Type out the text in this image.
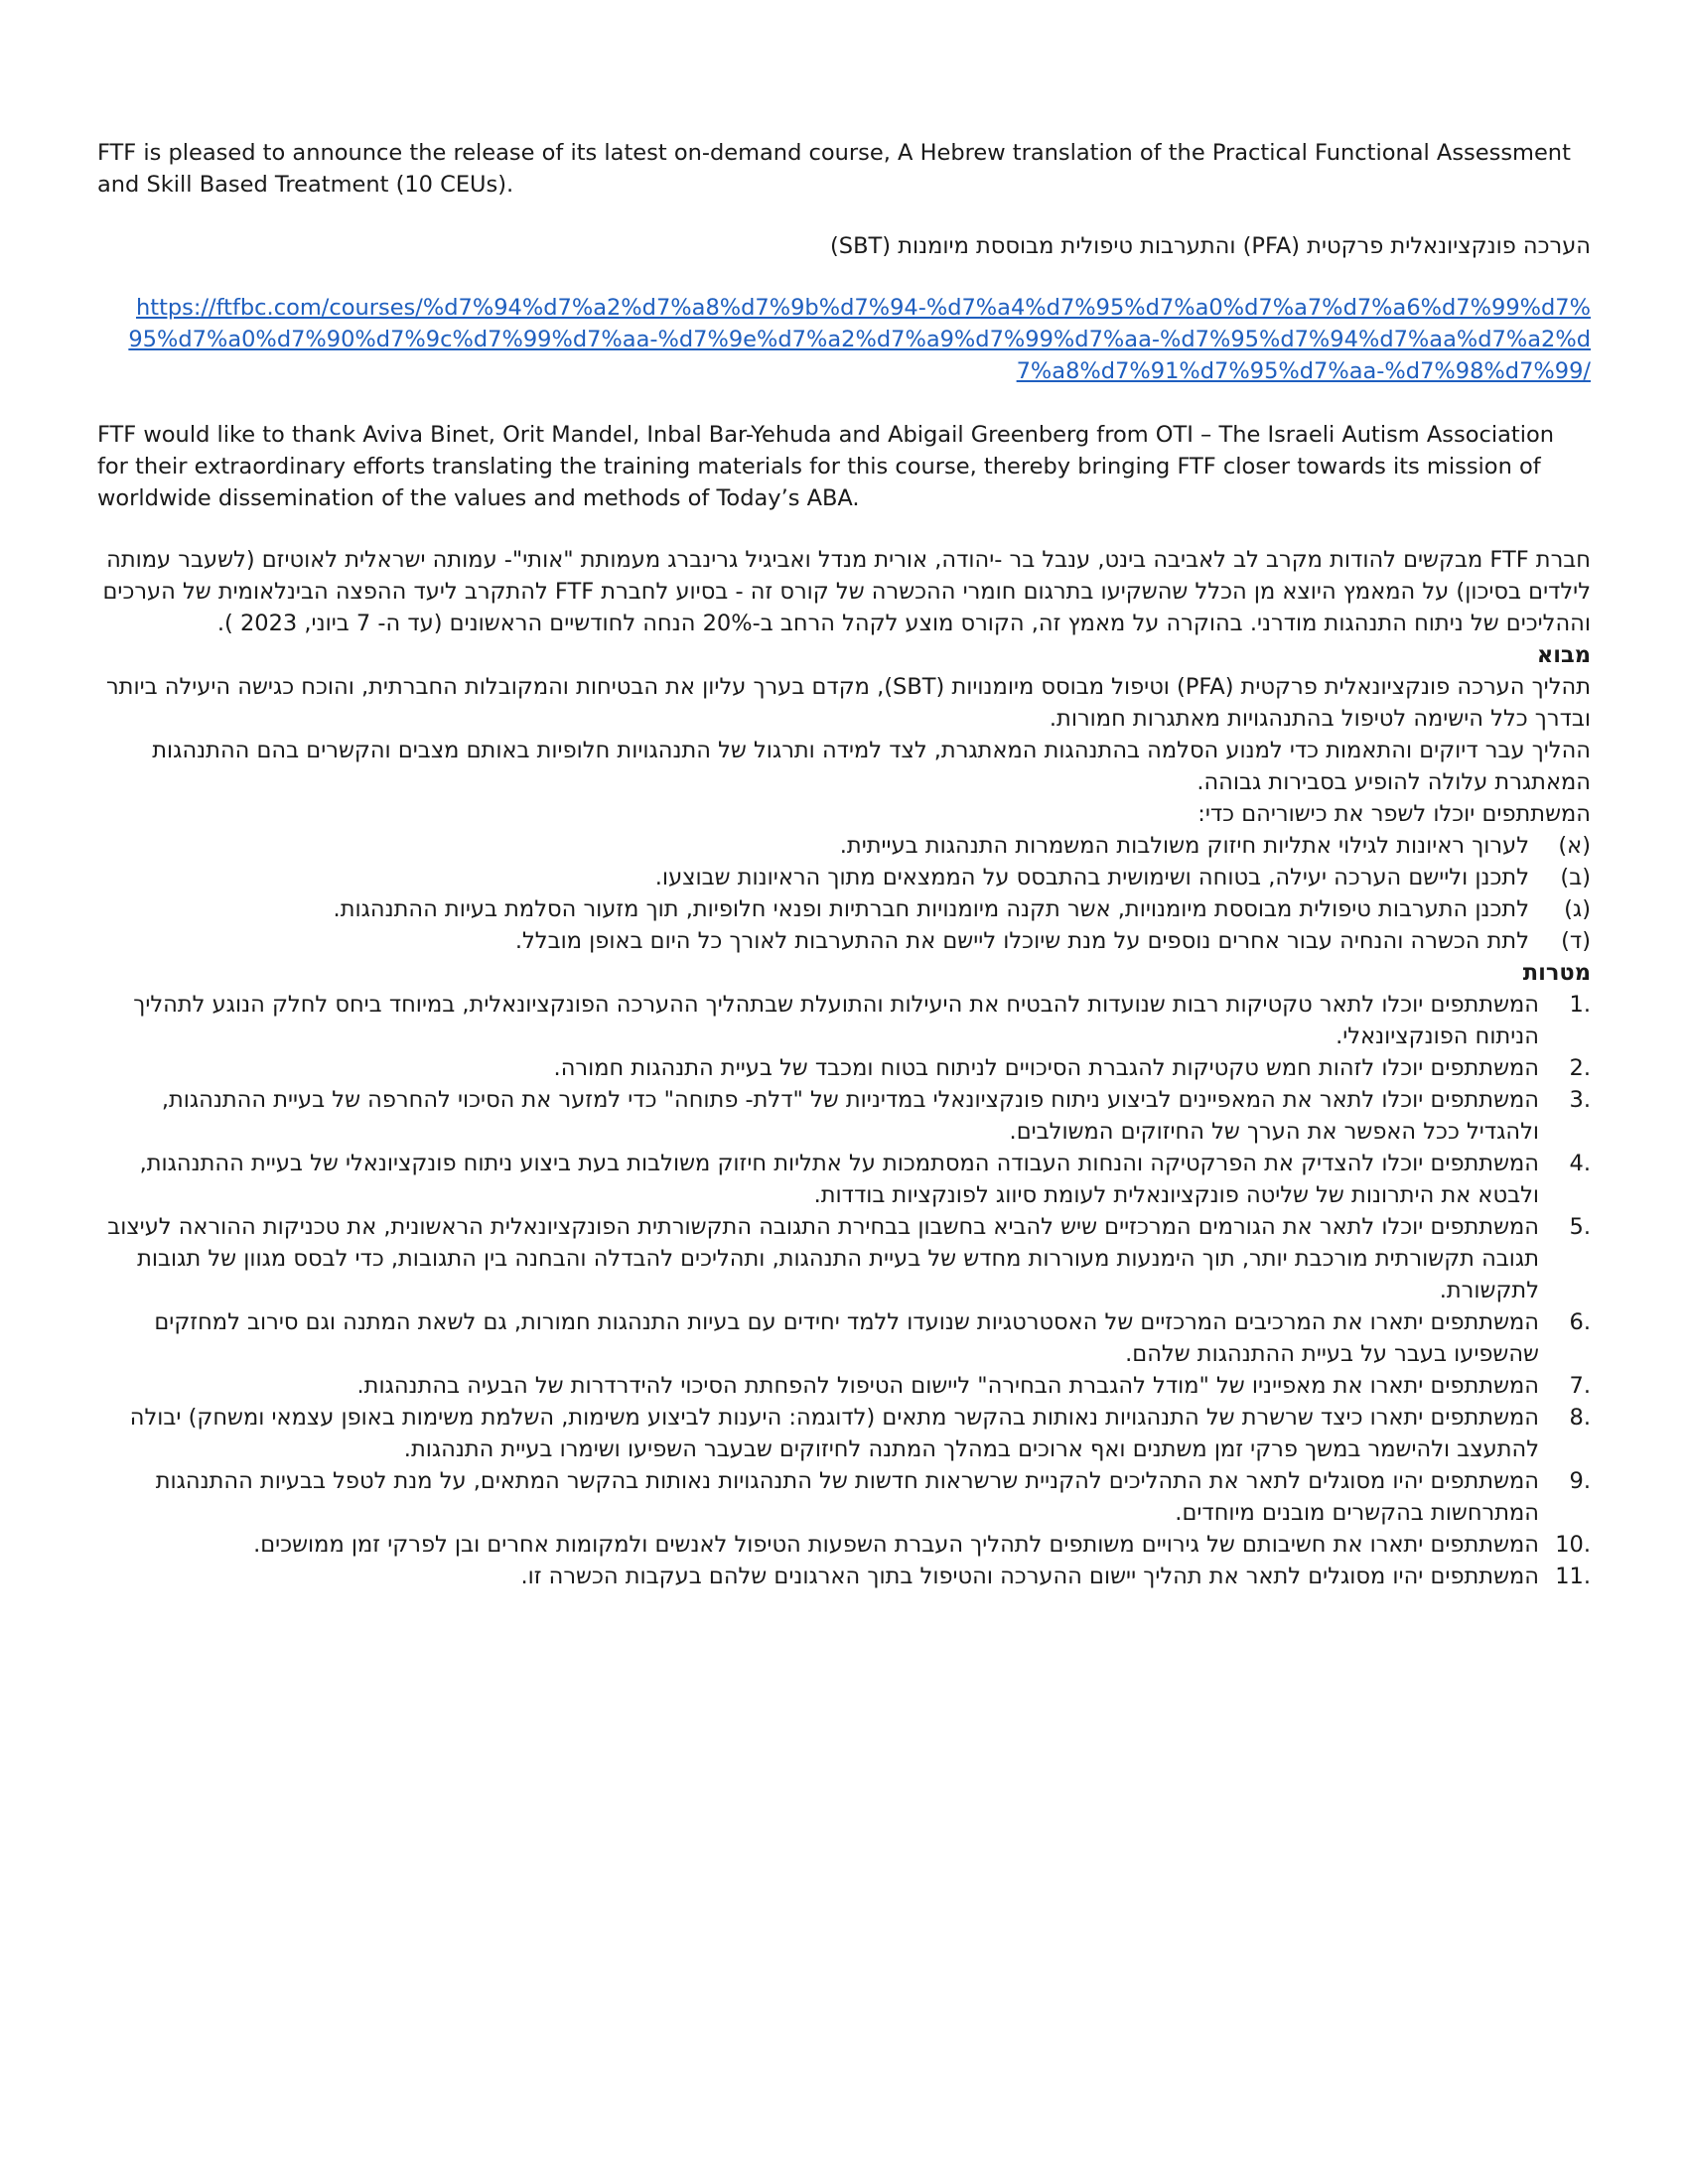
FTF is pleased to announce the release of its latest on-demand course, A Hebrew translation of the Practical Functional Assessment and Skill Based Treatment (10 CEUs).

הערכה פונקציונאלית פרקטית (PFA) והתערבות טיפולית מבוססת מיומנות (SBT)

https://ftfbc.com/courses/%d7%94%d7%a2%d7%a8%d7%9b%d7%94-%d7%a4%d7%95%d7%a0%d7%a7%d7%a6%d7%99%d7%95%d7%a0%d7%90%d7%9c%d7%99%d7%aa-%d7%9e%d7%a2%d7%a9%d7%99%d7%aa-%d7%95%d7%94%d7%aa%d7%a2%d7%a8%d7%91%d7%95%d7%aa-%d7%98%d7%99/

FTF would like to thank Aviva Binet, Orit Mandel, Inbal Bar-Yehuda and Abigail Greenberg from OTI – The Israeli Autism Association for their extraordinary efforts translating the training materials for this course, thereby bringing FTF closer towards its mission of worldwide dissemination of the values and methods of Today’s ABA.

חברת FTF מבקשים להודות מקרב לב לאביבה בינט, ענבל בר -יהודה, אורית מנדל ואביגיל גרינברג מעמותת "אותי"- עמותה ישראלית לאוטיזם (לשעבר עמותה לילדים בסיכון) על המאמץ היוצא מן הכלל שהשקיעו בתרגום חומרי ההכשרה של קורס זה - בסיוע לחברת FTF להתקרב ליעד ההפצה הבינלאומית של הערכים וההליכים של ניתוח התנהגות מודרני. בהוקרה על מאמץ זה, הקורס מוצע לקהל הרחב ב-20% הנחה לחודשיים הראשונים (עד ה- 7 ביוני, 2023 ).

מבוא

תהליך הערכה פונקציונאלית פרקטית (PFA) וטיפול מבוסס מיומנויות (SBT), מקדם בערך עליון את הבטיחות והמקובלות החברתית, והוכח כגישה היעילה ביותר ובדרך כלל הישימה לטיפול בהתנהגויות מאתגרות חמורות.

ההליך עבר דיוקים והתאמות כדי למנוע הסלמה בהתנהגות המאתגרת, לצד למידה ותרגול של התנהגויות חלופיות באותם מצבים והקשרים בהם ההתנהגות המאתגרת עלולה להופיע בסבירות גבוהה.

המשתתפים יוכלו לשפר את כישוריהם כדי:

(א)
לערוך ראיונות לגילוי אתליות חיזוק משולבות המשמרות התנהגות בעייתית.
(ב)
לתכנן וליישם הערכה יעילה, בטוחה ושימושית בהתבסס על הממצאים מתוך הראיונות שבוצעו.
(ג)
לתכנן התערבות טיפולית מבוססת מיומנויות, אשר תקנה מיומנויות חברתיות ופנאי חלופיות, תוך מזעור הסלמת בעיות ההתנהגות.
(ד)
לתת הכשרה והנחיה עבור אחרים נוספים על מנת שיוכלו ליישם את ההתערבות לאורך כל היום באופן מובלל.

מטרות

.1
המשתתפים יוכלו לתאר טקטיקות רבות שנועדות להבטיח את היעילות והתועלת שבתהליך ההערכה הפונקציונאלית, במיוחד ביחס לחלק הנוגע לתהליך הניתוח הפונקציונאלי.
.2
המשתתפים יוכלו לזהות חמש טקטיקות להגברת הסיכויים לניתוח בטוח ומכבד של בעיית התנהגות חמורה.
.3
המשתתפים יוכלו לתאר את המאפיינים לביצוע ניתוח פונקציונאלי במדיניות של "דלת- פתוחה" כדי למזער את הסיכוי להחרפה של בעיית ההתנהגות, ולהגדיל ככל האפשר את הערך של החיזוקים המשולבים.
.4
המשתתפים יוכלו להצדיק את הפרקטיקה והנחות העבודה המסתמכות על אתליות חיזוק משולבות בעת ביצוע ניתוח פונקציונאלי של בעיית ההתנהגות, ולבטא את היתרונות של שליטה פונקציונאלית לעומת סיווג לפונקציות בודדות.
.5
המשתתפים יוכלו לתאר את הגורמים המרכזיים שיש להביא בחשבון בבחירת התגובה התקשורתית הפונקציונאלית הראשונית, את טכניקות ההוראה לעיצוב תגובה תקשורתית מורכבת יותר, תוך הימנעות מעוררות מחדש של בעיית התנהגות, ותהליכים להבדלה והבחנה בין התגובות, כדי לבסס מגוון של תגובות לתקשורת.
.6
המשתתפים יתארו את המרכיבים המרכזיים של האסטרטגיות שנועדו ללמד יחידים עם בעיות התנהגות חמורות, גם לשאת המתנה וגם סירוב למחזקים שהשפיעו בעבר על בעיית ההתנהגות שלהם.
.7
המשתתפים יתארו את מאפייניו של "מודל להגברת הבחירה" ליישום הטיפול להפחתת הסיכוי להידרדרות של הבעיה בהתנהגות.
.8
המשתתפים יתארו כיצד שרשרת של התנהגויות נאותות בהקשר מתאים (לדוגמה: היענות לביצוע משימות, השלמת משימות באופן עצמאי ומשחק) יבולה להתעצב ולהישמר במשך פרקי זמן משתנים ואף ארוכים במהלך המתנה לחיזוקים שבעבר השפיעו ושימרו בעיית התנהגות.
.9
המשתתפים יהיו מסוגלים לתאר את התהליכים להקניית שרשראות חדשות של התנהגויות נאותות בהקשר המתאים, על מנת לטפל בבעיות ההתנהגות המתרחשות בהקשרים מובנים מיוחדים.
.10
המשתתפים יתארו את חשיבותם של גירויים משותפים לתהליך העברת השפעות הטיפול לאנשים ולמקומות אחרים ובן לפרקי זמן ממושכים.
.11
המשתתפים יהיו מסוגלים לתאר את תהליך יישום ההערכה והטיפול בתוך הארגונים שלהם בעקבות הכשרה זו.
